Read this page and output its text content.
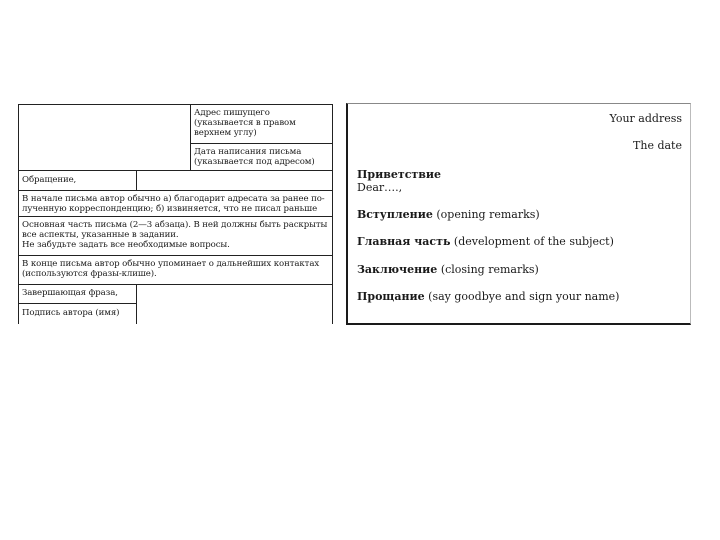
Адрес пишущего
(указывается в правом
верхнем углу)
Дата написания письма
(указывается под адресом)
Обращение,
В начале письма автор обычно а) благодарит адресата за ранее по-
лученную корреспонденцию; б) извиняется, что не писал раньше
Основная часть письма (2—3 абзаца). В ней должны быть раскрыты
все аспекты, указанные в задании.
Не забудьте задать все необходимые вопросы.
В конце письма автор обычно упоминает о дальнейших контактах
(используются фразы-клише).
Завершающая фраза,
Подпись автора (имя)
Your address
The date
Приветствие
Dear….,
Вступление (opening remarks)
Главная часть (development of the subject)
Заключение (closing remarks)
Прощание (say goodbye and sign your name)
